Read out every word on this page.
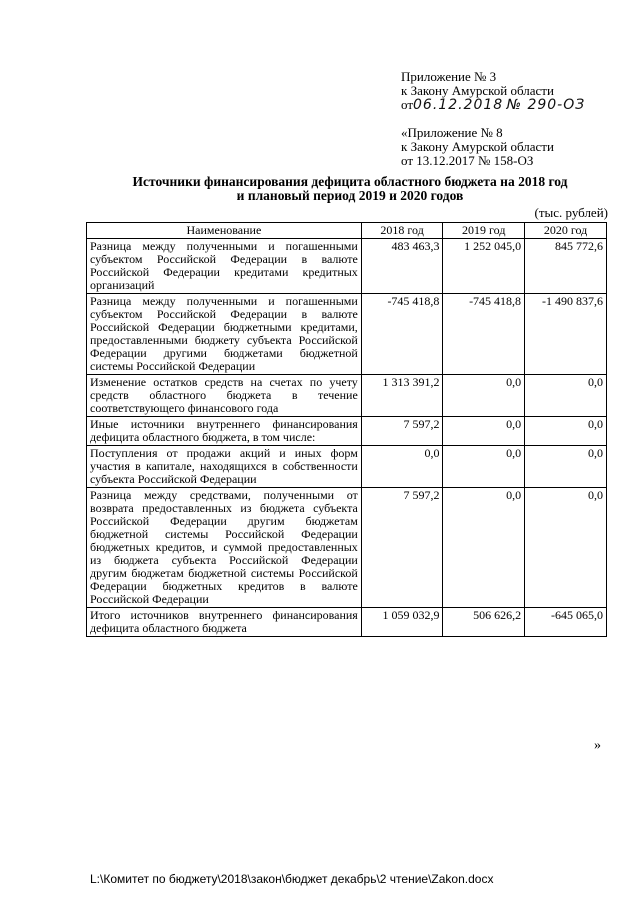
Приложение № 3
к Закону Амурской области
от06.12.2018 № 290-ОЗ
«Приложение № 8
к Закону Амурской области
от 13.12.2017 № 158-ОЗ
Источники финансирования дефицита областного бюджета на 2018 год
и плановый период 2019 и 2020 годов
(тыс. рублей)
Наименование	2018 год	2019 год	2020 год
Разница между полученными и погашенными субъектом Российской Федерации в валюте Российской Федерации кредитами кредитных организаций	483 463,3	1 252 045,0	845 772,6
Разница между полученными и погашенными субъектом Российской Федерации в валюте Российской Федерации бюджетными кредитами, предоставленными бюджету субъекта Российской Федерации другими бюджетами бюджетной системы Российской Федерации	-745 418,8	-745 418,8	-1 490 837,6
Изменение остатков средств на счетах по учету средств областного бюджета в течение соответствующего финансового года	1 313 391,2	0,0	0,0
Иные источники внутреннего финансирования дефицита областного бюджета, в том числе:	7 597,2	0,0	0,0
Поступления от продажи акций и иных форм участия в капитале, находящихся в собственности субъекта Российской Федерации	0,0	0,0	0,0
Разница между средствами, полученными от возврата предоставленных из бюджета субъекта Российской Федерации другим бюджетам бюджетной системы Российской Федерации бюджетных кредитов, и суммой предоставленных из бюджета субъекта Российской Федерации другим бюджетам бюджетной системы Российской Федерации бюджетных кредитов в валюте Российской Федерации	7 597,2	0,0	0,0
Итого источников внутреннего финансирования дефицита областного бюджета	1 059 032,9	506 626,2	-645 065,0
»
L:\Комитет по бюджету\2018\закон\бюджет декабрь\2 чтение\Zakon.docx
